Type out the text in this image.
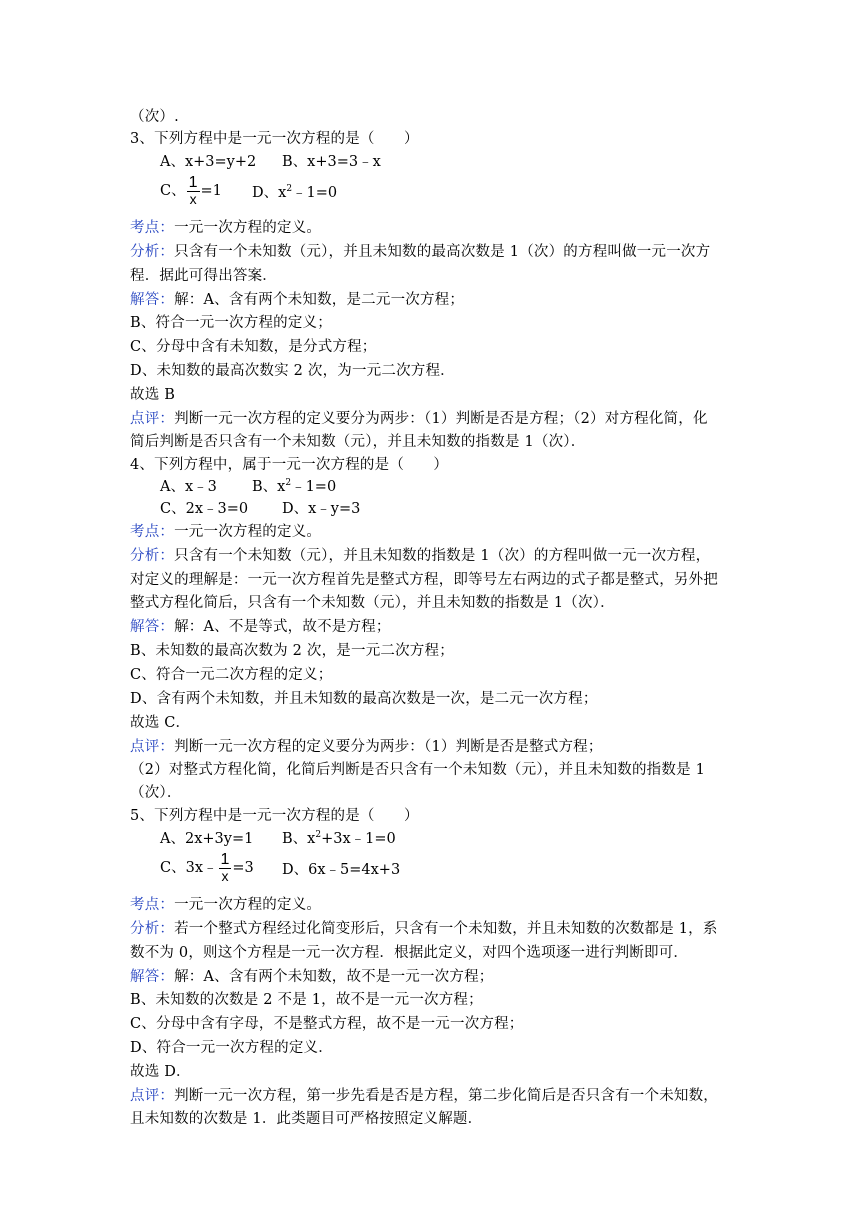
（次）.
3、下列方程中是一元一次方程的是（　　）
A、x+3=y+2 B、x+3=3﹣x
C、 $\frac{1}{x} =1$ D、$x^2﹣1=0$
考点：一元一次方程的定义。
分析：只含有一个未知数（元），并且未知数的最高次数是 1（次）的方程叫做一元一次方
程．据此可得出答案．
解答：解：A、含有两个未知数，是二元一次方程；
B、符合一元一次方程的定义；
C、分母中含有未知数，是分式方程；
D、未知数的最高次数实 2 次，为一元二次方程．
故选 B
点评：判断一元一次方程的定义要分为两步：（1）判断是否是方程；（2）对方程化简，化
简后判断是否只含有一个未知数（元），并且未知数的指数是 1（次）．
4、下列方程中，属于一元一次方程的是（　　）
A、x﹣3 B、$x^2﹣1=0$
C、2x﹣3=0 D、x﹣y=3
考点：一元一次方程的定义。
分析：只含有一个未知数（元），并且未知数的指数是 1（次）的方程叫做一元一次方程，
对定义的理解是：一元一次方程首先是整式方程，即等号左右两边的式子都是整式，另外把
整式方程化简后，只含有一个未知数（元），并且未知数的指数是 1（次）．
解答：解：A、不是等式，故不是方程；
B、未知数的最高次数为 2 次，是一元二次方程；
C、符合一元二次方程的定义；
D、含有两个未知数，并且未知数的最高次数是一次，是二元一次方程；
故选 C．
点评：判断一元一次方程的定义要分为两步：（1）判断是否是整式方程；
（2）对整式方程化简，化简后判断是否只含有一个未知数（元），并且未知数的指数是 1
（次）．
5、下列方程中是一元一次方程的是（　　）
A、2x+3y=1 B、$x^2+3x﹣1=0$
C、3x﹣ $\frac{1}{x} =3$ D、6x﹣5=4x+3
考点：一元一次方程的定义。
分析：若一个整式方程经过化简变形后，只含有一个未知数，并且未知数的次数都是 1，系
数不为 0，则这个方程是一元一次方程．根据此定义，对四个选项逐一进行判断即可．
解答：解：A、含有两个未知数，故不是一元一次方程；
B、未知数的次数是 2 不是 1，故不是一元一次方程；
C、分母中含有字母，不是整式方程，故不是一元一次方程；
D、符合一元一次方程的定义．
故选 D．
点评：判断一元一次方程，第一步先看是否是方程，第二步化简后是否只含有一个未知数，
且未知数的次数是 1．此类题目可严格按照定义解题．
